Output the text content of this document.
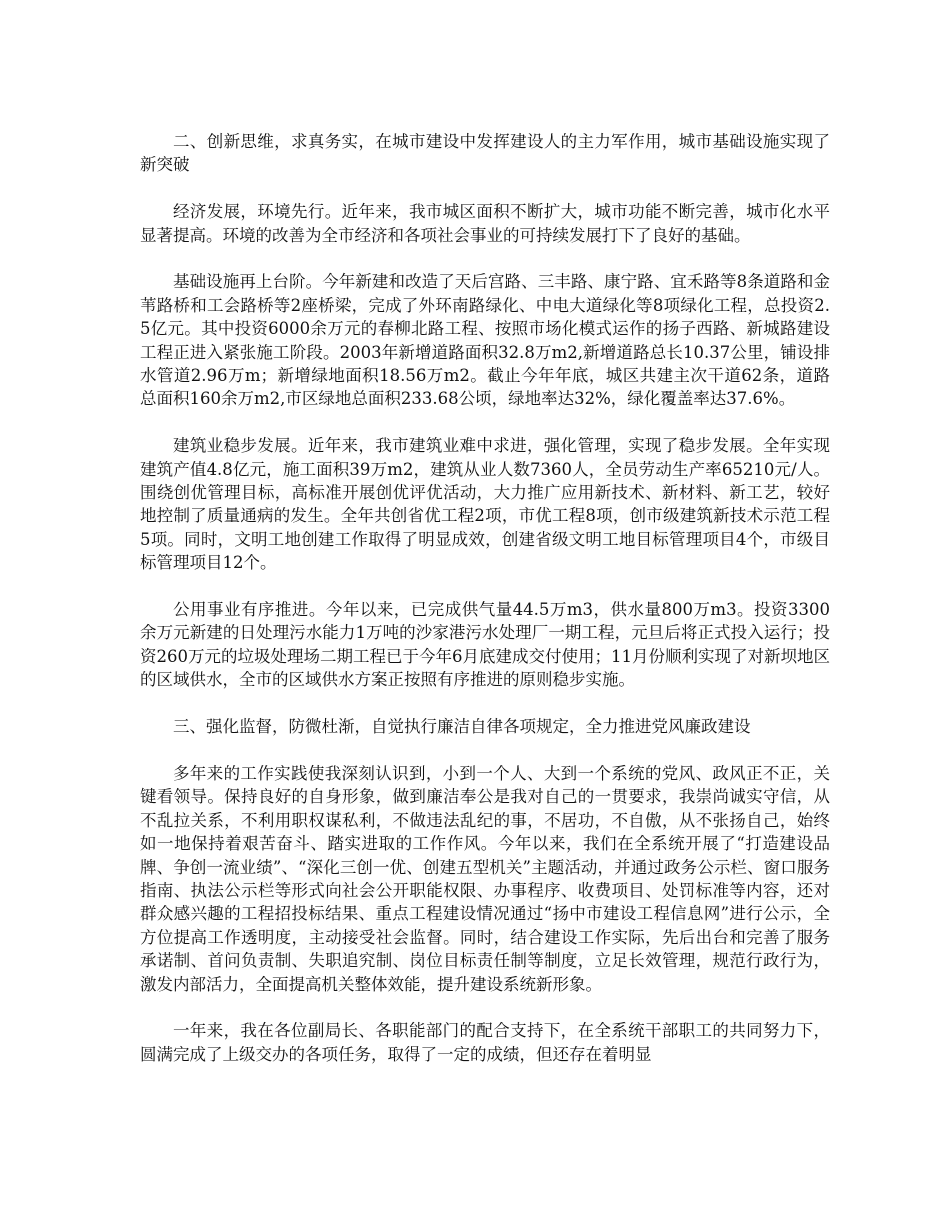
二、创新思维，求真务实，在城市建设中发挥建设人的主力军作用，城市基础设施实现了新突破

经济发展，环境先行。近年来，我市城区面积不断扩大，城市功能不断完善，城市化水平显著提高。环境的改善为全市经济和各项社会事业的可持续发展打下了良好的基础。

基础设施再上台阶。今年新建和改造了天后宫路、三丰路、康宁路、宜禾路等8条道路和金苇路桥和工会路桥等2座桥梁，完成了外环南路绿化、中电大道绿化等8项绿化工程，总投资2.5亿元。其中投资6000余万元的春柳北路工程、按照市场化模式运作的扬子西路、新城路建设工程正进入紧张施工阶段。2003年新增道路面积32.8万m2,新增道路总长10.37公里，铺设排水管道2.96万m；新增绿地面积18.56万m2。截止今年年底，城区共建主次干道62条，道路总面积160余万m2,市区绿地总面积233.68公顷，绿地率达32%，绿化覆盖率达37.6%。

建筑业稳步发展。近年来，我市建筑业难中求进，强化管理，实现了稳步发展。全年实现建筑产值4.8亿元，施工面积39万m2，建筑从业人数7360人，全员劳动生产率65210元/人。围绕创优管理目标，高标准开展创优评优活动，大力推广应用新技术、新材料、新工艺，较好地控制了质量通病的发生。全年共创省优工程2项，市优工程8项，创市级建筑新技术示范工程5项。同时，文明工地创建工作取得了明显成效，创建省级文明工地目标管理项目4个，市级目标管理项目12个。

公用事业有序推进。今年以来，已完成供气量44.5万m3，供水量800万m3。投资3300余万元新建的日处理污水能力1万吨的沙家港污水处理厂一期工程，元旦后将正式投入运行；投资260万元的垃圾处理场二期工程已于今年6月底建成交付使用；11月份顺利实现了对新坝地区的区域供水，全市的区域供水方案正按照有序推进的原则稳步实施。

三、强化监督，防微杜渐，自觉执行廉洁自律各项规定，全力推进党风廉政建设

多年来的工作实践使我深刻认识到，小到一个人、大到一个系统的党风、政风正不正，关键看领导。保持良好的自身形象，做到廉洁奉公是我对自己的一贯要求，我崇尚诚实守信，从不乱拉关系，不利用职权谋私利，不做违法乱纪的事，不居功，不自傲，从不张扬自己，始终如一地保持着艰苦奋斗、踏实进取的工作作风。今年以来，我们在全系统开展了“打造建设品牌、争创一流业绩”、“深化三创一优、创建五型机关”主题活动，并通过政务公示栏、窗口服务指南、执法公示栏等形式向社会公开职能权限、办事程序、收费项目、处罚标准等内容，还对群众感兴趣的工程招投标结果、重点工程建设情况通过“扬中市建设工程信息网”进行公示，全方位提高工作透明度，主动接受社会监督。同时，结合建设工作实际，先后出台和完善了服务承诺制、首问负责制、失职追究制、岗位目标责任制等制度，立足长效管理，规范行政行为，激发内部活力，全面提高机关整体效能，提升建设系统新形象。

一年来，我在各位副局长、各职能部门的配合支持下，在全系统干部职工的共同努力下，圆满完成了上级交办的各项任务，取得了一定的成绩，但还存在着明显
